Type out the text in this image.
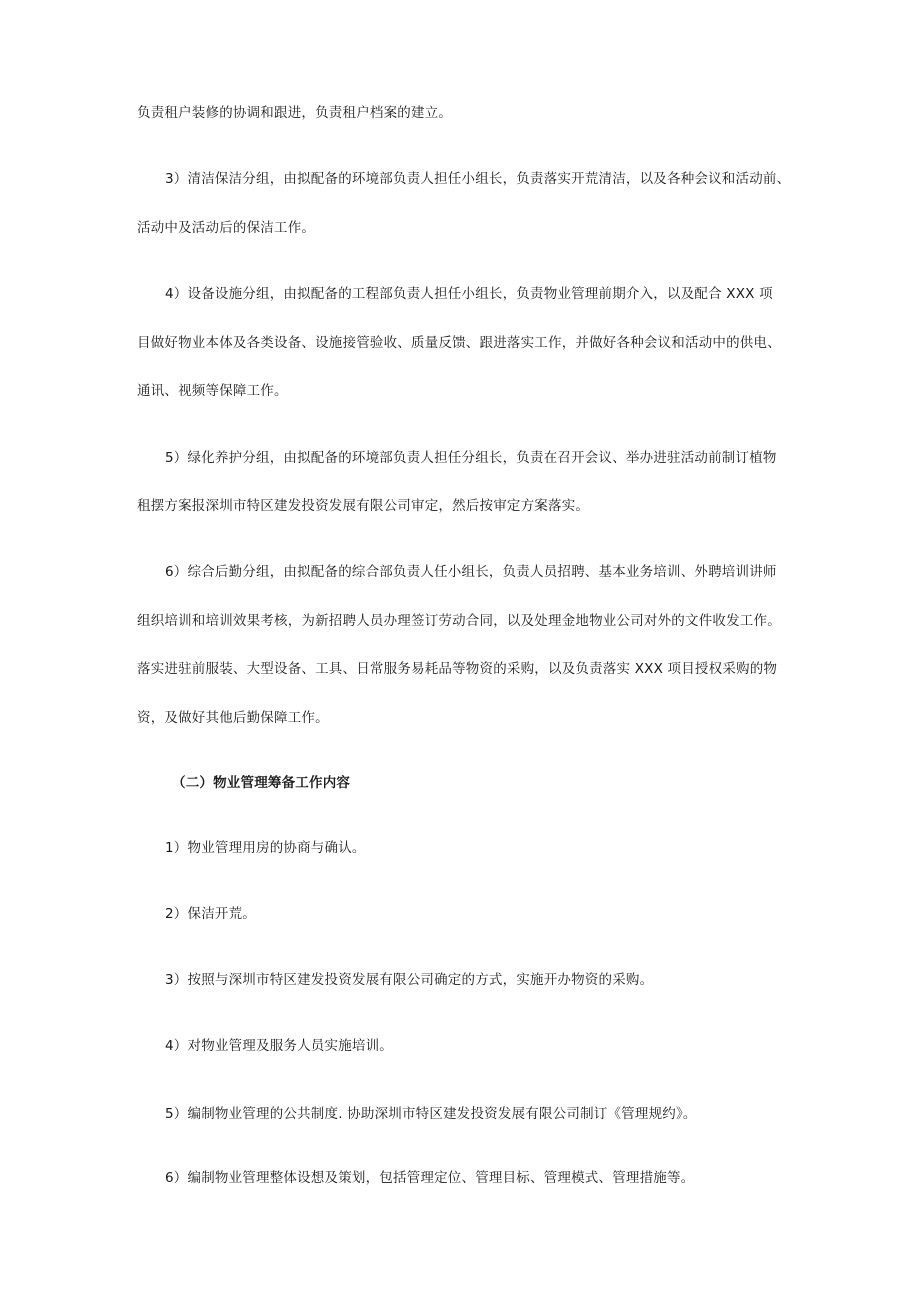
负责租户装修的协调和跟进，负责租户档案的建立。
3）清洁保洁分组，由拟配备的环境部负责人担任小组长，负责落实开荒清洁，以及各种会议和活动前、
活动中及活动后的保洁工作。
4）设备设施分组，由拟配备的工程部负责人担任小组长，负责物业管理前期介入，以及配合 XXX 项
目做好物业本体及各类设备、设施接管验收、质量反馈、跟进落实工作，并做好各种会议和活动中的供电、
通讯、视频等保障工作。
5）绿化养护分组，由拟配备的环境部负责人担任分组长，负责在召开会议、举办进驻活动前制订植物
租摆方案报深圳市特区建发投资发展有限公司审定，然后按审定方案落实。
6）综合后勤分组，由拟配备的综合部负责人任小组长，负责人员招聘、基本业务培训、外聘培训讲师
组织培训和培训效果考核，为新招聘人员办理签订劳动合同，以及处理金地物业公司对外的文件收发工作。
落实进驻前服装、大型设备、工具、日常服务易耗品等物资的采购，以及负责落实 XXX 项目授权采购的物
资，及做好其他后勤保障工作。
（二）物业管理筹备工作内容
1）物业管理用房的协商与确认。
2）保洁开荒。
3）按照与深圳市特区建发投资发展有限公司确定的方式，实施开办物资的采购。
4）对物业管理及服务人员实施培训。
5）编制物业管理的公共制度. 协助深圳市特区建发投资发展有限公司制订《管理规约》。
6）编制物业管理整体设想及策划，包括管理定位、管理目标、管理模式、管理措施等。
